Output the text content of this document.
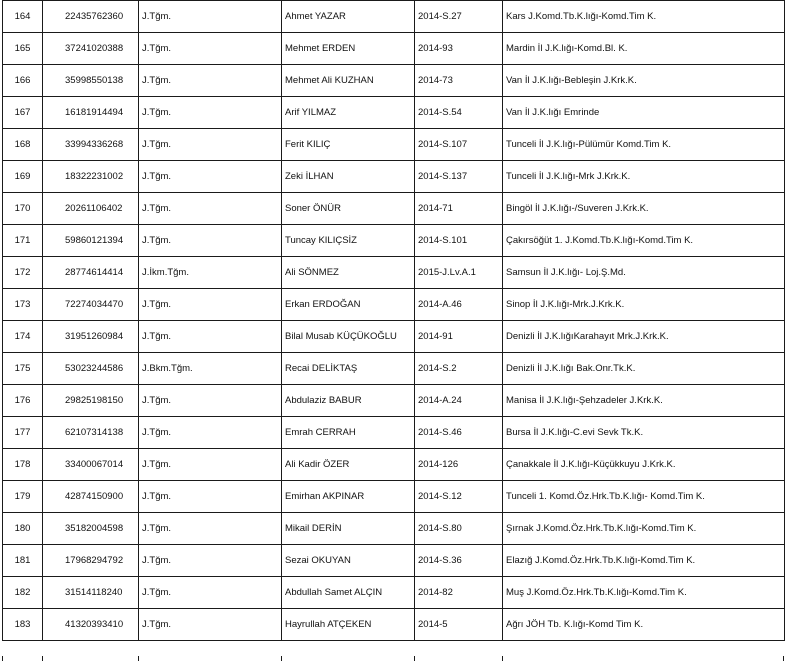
164	22435762360	J.Tğm.	Ahmet YAZAR	2014-S.27	Kars J.Komd.Tb.K.lığı-Komd.Tim K.
165	37241020388	J.Tğm.	Mehmet ERDEN	2014-93	Mardin İl J.K.lığı-Komd.Bl. K.
166	35998550138	J.Tğm.	Mehmet Ali KUZHAN	2014-73	Van İl J.K.lığı-Bebleşin J.Krk.K.
167	16181914494	J.Tğm.	Arif YILMAZ	2014-S.54	Van İl J.K.lığı Emrinde
168	33994336268	J.Tğm.	Ferit KILIÇ	2014-S.107	Tunceli İl J.K.lığı-Pülümür Komd.Tim K.
169	18322231002	J.Tğm.	Zeki İLHAN	2014-S.137	Tunceli İl J.K.lığı-Mrk J.Krk.K.
170	20261106402	J.Tğm.	Soner ÖNÜR	2014-71	Bingöl İl J.K.lığı-/Suveren J.Krk.K.
171	59860121394	J.Tğm.	Tuncay KILIÇSİZ	2014-S.101	Çakırsöğüt 1. J.Komd.Tb.K.lığı-Komd.Tim K.
172	28774614414	J.İkm.Tğm.	Ali SÖNMEZ	2015-J.Lv.A.1	Samsun İl J.K.lığı- Loj.Ş.Md.
173	72274034470	J.Tğm.	Erkan ERDOĞAN	2014-A.46	Sinop İl J.K.lığı-Mrk.J.Krk.K.
174	31951260984	J.Tğm.	Bilal Musab KÜÇÜKOĞLU	2014-91	Denizli İl J.K.lığıKarahayıt Mrk.J.Krk.K.
175	53023244586	J.Bkm.Tğm.	Recai DELİKTAŞ	2014-S.2	Denizli İl J.K.lığı Bak.Onr.Tk.K.
176	29825198150	J.Tğm.	Abdulaziz BABUR	2014-A.24	Manisa İl J.K.lığı-Şehzadeler J.Krk.K.
177	62107314138	J.Tğm.	Emrah CERRAH	2014-S.46	Bursa İl J.K.lığı-C.evi Sevk Tk.K.
178	33400067014	J.Tğm.	Ali Kadir ÖZER	2014-126	Çanakkale İl J.K.lığı-Küçükkuyu J.Krk.K.
179	42874150900	J.Tğm.	Emirhan AKPINAR	2014-S.12	Tunceli 1. Komd.Öz.Hrk.Tb.K.lığı- Komd.Tim K.
180	35182004598	J.Tğm.	Mikail DERİN	2014-S.80	Şırnak J.Komd.Öz.Hrk.Tb.K.lığı-Komd.Tim K.
181	17968294792	J.Tğm.	Sezai OKUYAN	2014-S.36	Elazığ J.Komd.Öz.Hrk.Tb.K.lığı-Komd.Tim K.
182	31514118240	J.Tğm.	Abdullah Samet ALÇIN	2014-82	Muş J.Komd.Öz.Hrk.Tb.K.lığı-Komd.Tim K.
183	41320393410	J.Tğm.	Hayrullah ATÇEKEN	2014-5	Ağrı JÖH Tb. K.lığı-Komd Tim K.
